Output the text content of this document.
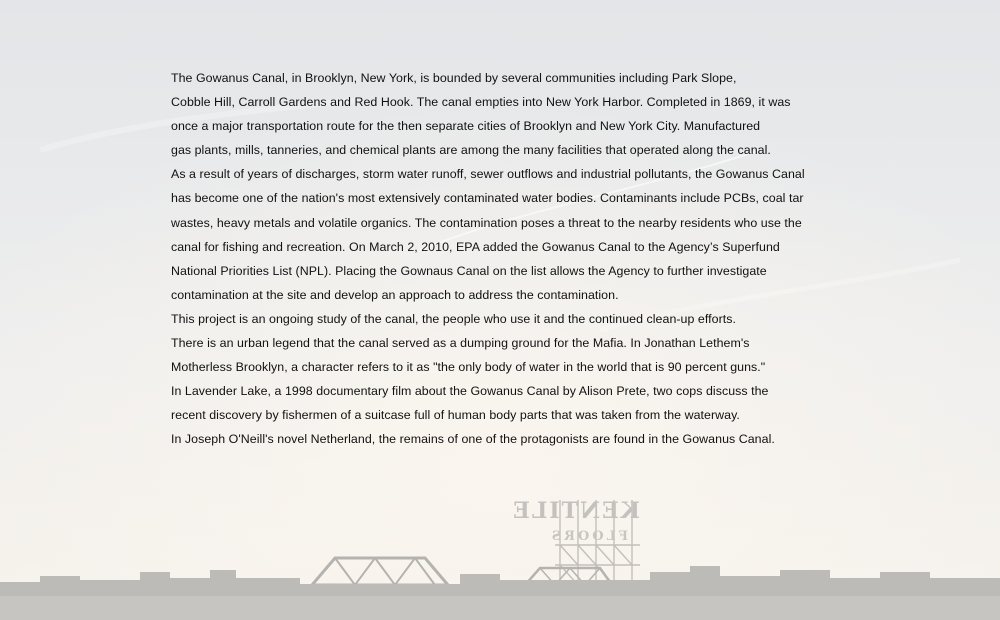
KENTILE
FLOORS
The Gowanus Canal, in Brooklyn, New York, is bounded by several communities including Park Slope,
Cobble Hill, Carroll Gardens and Red Hook. The canal empties into New York Harbor. Completed in 1869, it was
once a major transportation route for the then separate cities of Brooklyn and New York City. Manufactured
gas plants, mills, tanneries, and chemical plants are among the many facilities that operated along the canal.
As a result of years of discharges, storm water runoff, sewer outflows and industrial pollutants, the Gowanus Canal
has become one of the nation's most extensively contaminated water bodies. Contaminants include PCBs, coal tar
wastes, heavy metals and volatile organics. The contamination poses a threat to the nearby residents who use the
canal for fishing and recreation. On March 2, 2010, EPA added the Gowanus Canal to the Agency’s Superfund
National Priorities List (NPL). Placing the Gownaus Canal on the list allows the Agency to further investigate
contamination at the site and develop an approach to address the contamination.
This project is an ongoing study of the canal, the people who use it and the continued clean-up efforts.
There is an urban legend that the canal served as a dumping ground for the Mafia. In Jonathan Lethem's
Motherless Brooklyn, a character refers to it as "the only body of water in the world that is 90 percent guns."
In Lavender Lake, a 1998 documentary film about the Gowanus Canal by Alison Prete, two cops discuss the
recent discovery by fishermen of a suitcase full of human body parts that was taken from the waterway.
In Joseph O'Neill's novel Netherland, the remains of one of the protagonists are found in the Gowanus Canal.
